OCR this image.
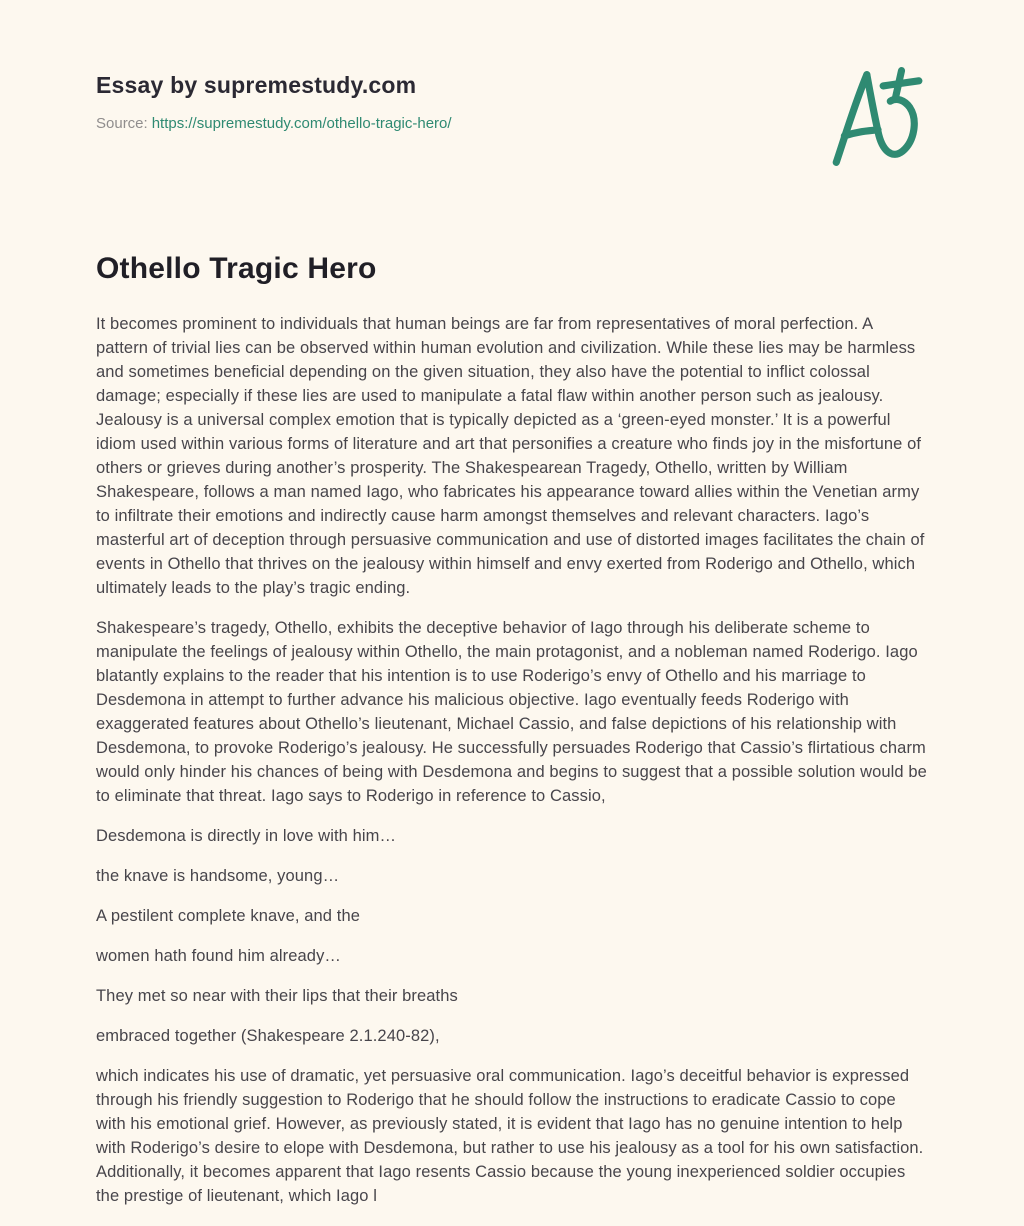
Essay by supremestudy.com
Source: https://supremestudy.com/othello-tragic-hero/
Othello Tragic Hero

It becomes prominent to individuals that human beings are far from representatives of moral perfection. A pattern of trivial lies can be observed within human evolution and civilization. While these lies may be harmless and sometimes beneficial depending on the given situation, they also have the potential to inflict colossal damage; especially if these lies are used to manipulate a fatal flaw within another person such as jealousy. Jealousy is a universal complex emotion that is typically depicted as a ‘green-eyed monster.’ It is a powerful idiom used within various forms of literature and art that personifies a creature who finds joy in the misfortune of others or grieves during another’s prosperity. The Shakespearean Tragedy, Othello, written by William Shakespeare, follows a man named Iago, who fabricates his appearance toward allies within the Venetian army to infiltrate their emotions and indirectly cause harm amongst themselves and relevant characters. Iago’s masterful art of deception through persuasive communication and use of distorted images facilitates the chain of events in Othello that thrives on the jealousy within himself and envy exerted from Roderigo and Othello, which ultimately leads to the play’s tragic ending.

Shakespeare’s tragedy, Othello, exhibits the deceptive behavior of Iago through his deliberate scheme to manipulate the feelings of jealousy within Othello, the main protagonist, and a nobleman named Roderigo. Iago blatantly explains to the reader that his intention is to use Roderigo’s envy of Othello and his marriage to Desdemona in attempt to further advance his malicious objective. Iago eventually feeds Roderigo with exaggerated features about Othello’s lieutenant, Michael Cassio, and false depictions of his relationship with Desdemona, to provoke Roderigo’s jealousy. He successfully persuades Roderigo that Cassio’s flirtatious charm would only hinder his chances of being with Desdemona and begins to suggest that a possible solution would be to eliminate that threat. Iago says to Roderigo in reference to Cassio,

Desdemona is directly in love with him…

the knave is handsome, young…

A pestilent complete knave, and the

women hath found him already…

They met so near with their lips that their breaths

embraced together (Shakespeare 2.1.240-82),

which indicates his use of dramatic, yet persuasive oral communication. Iago’s deceitful behavior is expressed through his friendly suggestion to Roderigo that he should follow the instructions to eradicate Cassio to cope with his emotional grief. However, as previously stated, it is evident that Iago has no genuine intention to help with Roderigo’s desire to elope with Desdemona, but rather to use his jealousy as a tool for his own satisfaction. Additionally, it becomes apparent that Iago resents Cassio because the young inexperienced soldier occupies the prestige of lieutenant, which Iago l
